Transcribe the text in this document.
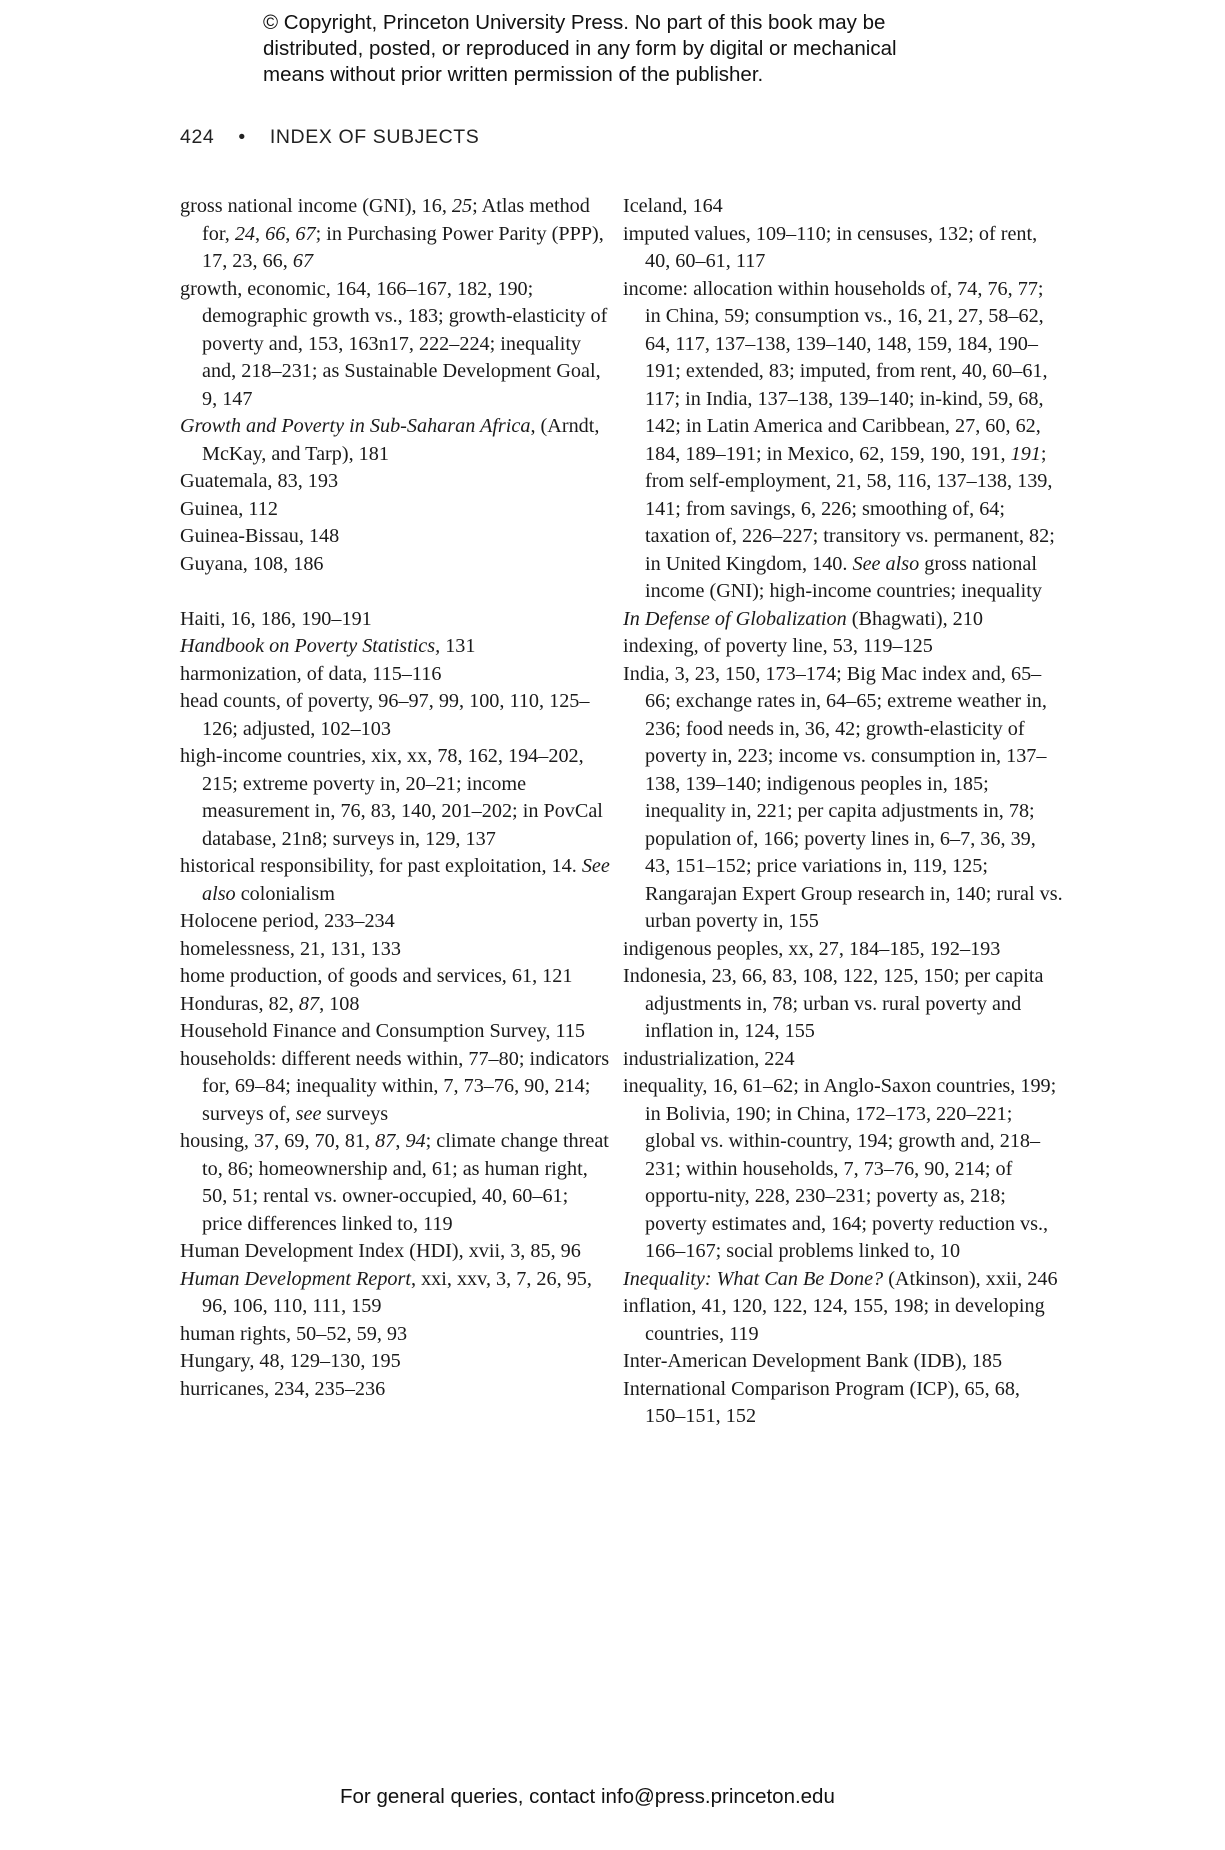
© Copyright, Princeton University Press. No part of this book may be
distributed, posted, or reproduced in any form by digital or mechanical
means without prior written permission of the publisher.
424 • INDEX OF SUBJECTS

gross national income (GNI), 16, 25; Atlas method for, 24, 66, 67; in Purchasing Power Parity (PPP), 17, 23, 66, 67

growth, economic, 164, 166–167, 182, 190; demographic growth vs., 183; growth-elasticity of poverty and, 153, 163n17, 222–224; inequality and, 218–231; as Sustainable Development Goal, 9, 147

Growth and Poverty in Sub-Saharan Africa, (Arndt, McKay, and Tarp), 181

Guatemala, 83, 193

Guinea, 112

Guinea-Bissau, 148

Guyana, 108, 186

Haiti, 16, 186, 190–191

Handbook on Poverty Statistics, 131

harmonization, of data, 115–116

head counts, of poverty, 96–97, 99, 100, 110, 125–126; adjusted, 102–103

high-income countries, xix, xx, 78, 162, 194–202, 215; extreme poverty in, 20–21; income measurement in, 76, 83, 140, 201–202; in PovCal database, 21n8; surveys in, 129, 137

historical responsibility, for past exploitation, 14. See also colonialism

Holocene period, 233–234

homelessness, 21, 131, 133

home production, of goods and services, 61, 121

Honduras, 82, 87, 108

Household Finance and Consumption Survey, 115

households: different needs within, 77–80; indicators for, 69–84; inequality within, 7, 73–76, 90, 214; surveys of, see surveys

housing, 37, 69, 70, 81, 87, 94; climate change threat to, 86; homeownership and, 61; as human right, 50, 51; rental vs. owner-occupied, 40, 60–61; price differences linked to, 119

Human Development Index (HDI), xvii, 3, 85, 96

Human Development Report, xxi, xxv, 3, 7, 26, 95, 96, 106, 110, 111, 159

human rights, 50–52, 59, 93

Hungary, 48, 129–130, 195

hurricanes, 234, 235–236

Iceland, 164

imputed values, 109–110; in censuses, 132; of rent, 40, 60–61, 117

income: allocation within households of, 74, 76, 77; in China, 59; consumption vs., 16, 21, 27, 58–62, 64, 117, 137–138, 139–140, 148, 159, 184, 190–191; extended, 83; imputed, from rent, 40, 60–61, 117; in India, 137–138, 139–140; in-kind, 59, 68, 142; in Latin America and Caribbean, 27, 60, 62, 184, 189–191; in Mexico, 62, 159, 190, 191, 191; from self-employment, 21, 58, 116, 137–138, 139, 141; from savings, 6, 226; smoothing of, 64; taxation of, 226–227; transitory vs. permanent, 82; in United Kingdom, 140. See also gross national income (GNI); high-income countries; inequality

In Defense of Globalization (Bhagwati), 210

indexing, of poverty line, 53, 119–125

India, 3, 23, 150, 173–174; Big Mac index and, 65–66; exchange rates in, 64–65; extreme weather in, 236; food needs in, 36, 42; growth-elasticity of poverty in, 223; income vs. consumption in, 137–138, 139–140; indigenous peoples in, 185; inequality in, 221; per capita adjustments in, 78; population of, 166; poverty lines in, 6–7, 36, 39, 43, 151–152; price variations in, 119, 125; Rangarajan Expert Group research in, 140; rural vs. urban poverty in, 155

indigenous peoples, xx, 27, 184–185, 192–193

Indonesia, 23, 66, 83, 108, 122, 125, 150; per capita adjustments in, 78; urban vs. rural poverty and inflation in, 124, 155

industrialization, 224

inequality, 16, 61–62; in Anglo-Saxon countries, 199; in Bolivia, 190; in China, 172–173, 220–221; global vs. within-country, 194; growth and, 218–231; within households, 7, 73–76, 90, 214; of opportu-nity, 228, 230–231; poverty as, 218; poverty estimates and, 164; poverty reduction vs., 166–167; social problems linked to, 10

Inequality: What Can Be Done? (Atkinson), xxii, 246

inflation, 41, 120, 122, 124, 155, 198; in developing countries, 119

Inter-American Development Bank (IDB), 185

International Comparison Program (ICP), 65, 68, 150–151, 152

For general queries, contact info@press.princeton.edu
